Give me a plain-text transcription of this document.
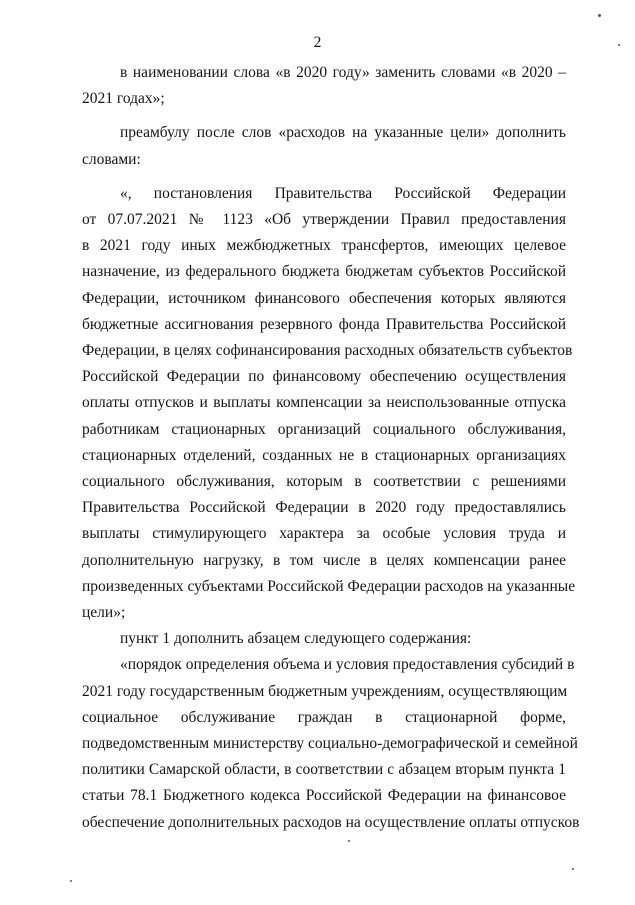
2

в наименовании слова «в 2020 году» заменить словами «в 2020 –
2021 годах»;

преамбулу после слов «расходов на указанные цели» дополнить
словами:

«, постановления Правительства Российской Федерации
от 07.07.2021 № 1123 «Об утверждении Правил предоставления
в 2021 году иных межбюджетных трансфертов, имеющих целевое
назначение, из федерального бюджета бюджетам субъектов Российской
Федерации, источником финансового обеспечения которых являются
бюджетные ассигнования резервного фонда Правительства Российской
Федерации, в целях софинансирования расходных обязательств субъектов
Российской Федерации по финансовому обеспечению осуществления
оплаты отпусков и выплаты компенсации за неиспользованные отпуска
работникам стационарных организаций социального обслуживания,
стационарных отделений, созданных не в стационарных организациях
социального обслуживания, которым в соответствии с решениями
Правительства Российской Федерации в 2020 году предоставлялись
выплаты стимулирующего характера за особые условия труда и
дополнительную нагрузку, в том числе в целях компенсации ранее
произведенных субъектами Российской Федерации расходов на указанные
цели»;

пункт 1 дополнить абзацем следующего содержания:

«порядок определения объема и условия предоставления субсидий в
2021 году государственным бюджетным учреждениям, осуществляющим
социальное обслуживание граждан в стационарной форме,
подведомственным министерству социально-демографической и семейной
политики Самарской области, в соответствии с абзацем вторым пункта 1
статьи 78.1 Бюджетного кодекса Российской Федерации на финансовое
обеспечение дополнительных расходов на осуществление оплаты отпусков
